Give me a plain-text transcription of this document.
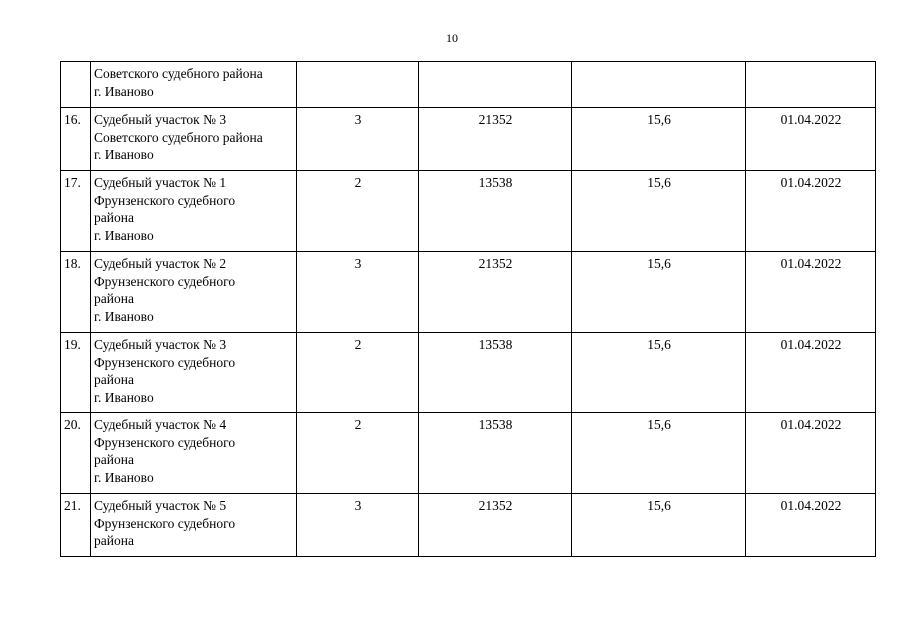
10

	Советского судебного района
г. Иваново				

16.	Судебный участок № 3
Советского судебного района
г. Иваново	3	21352	15,6	01.04.2022
17.	Судебный участок № 1
Фрунзенского судебного
района
г. Иваново	2	13538	15,6	01.04.2022
18.	Судебный участок № 2
Фрунзенского судебного
района
г. Иваново	3	21352	15,6	01.04.2022
19.	Судебный участок № 3
Фрунзенского судебного
района
г. Иваново	2	13538	15,6	01.04.2022
20.	Судебный участок № 4
Фрунзенского судебного
района
г. Иваново	2	13538	15,6	01.04.2022
21.	Судебный участок № 5
Фрунзенского судебного
района	3	21352	15,6	01.04.2022
